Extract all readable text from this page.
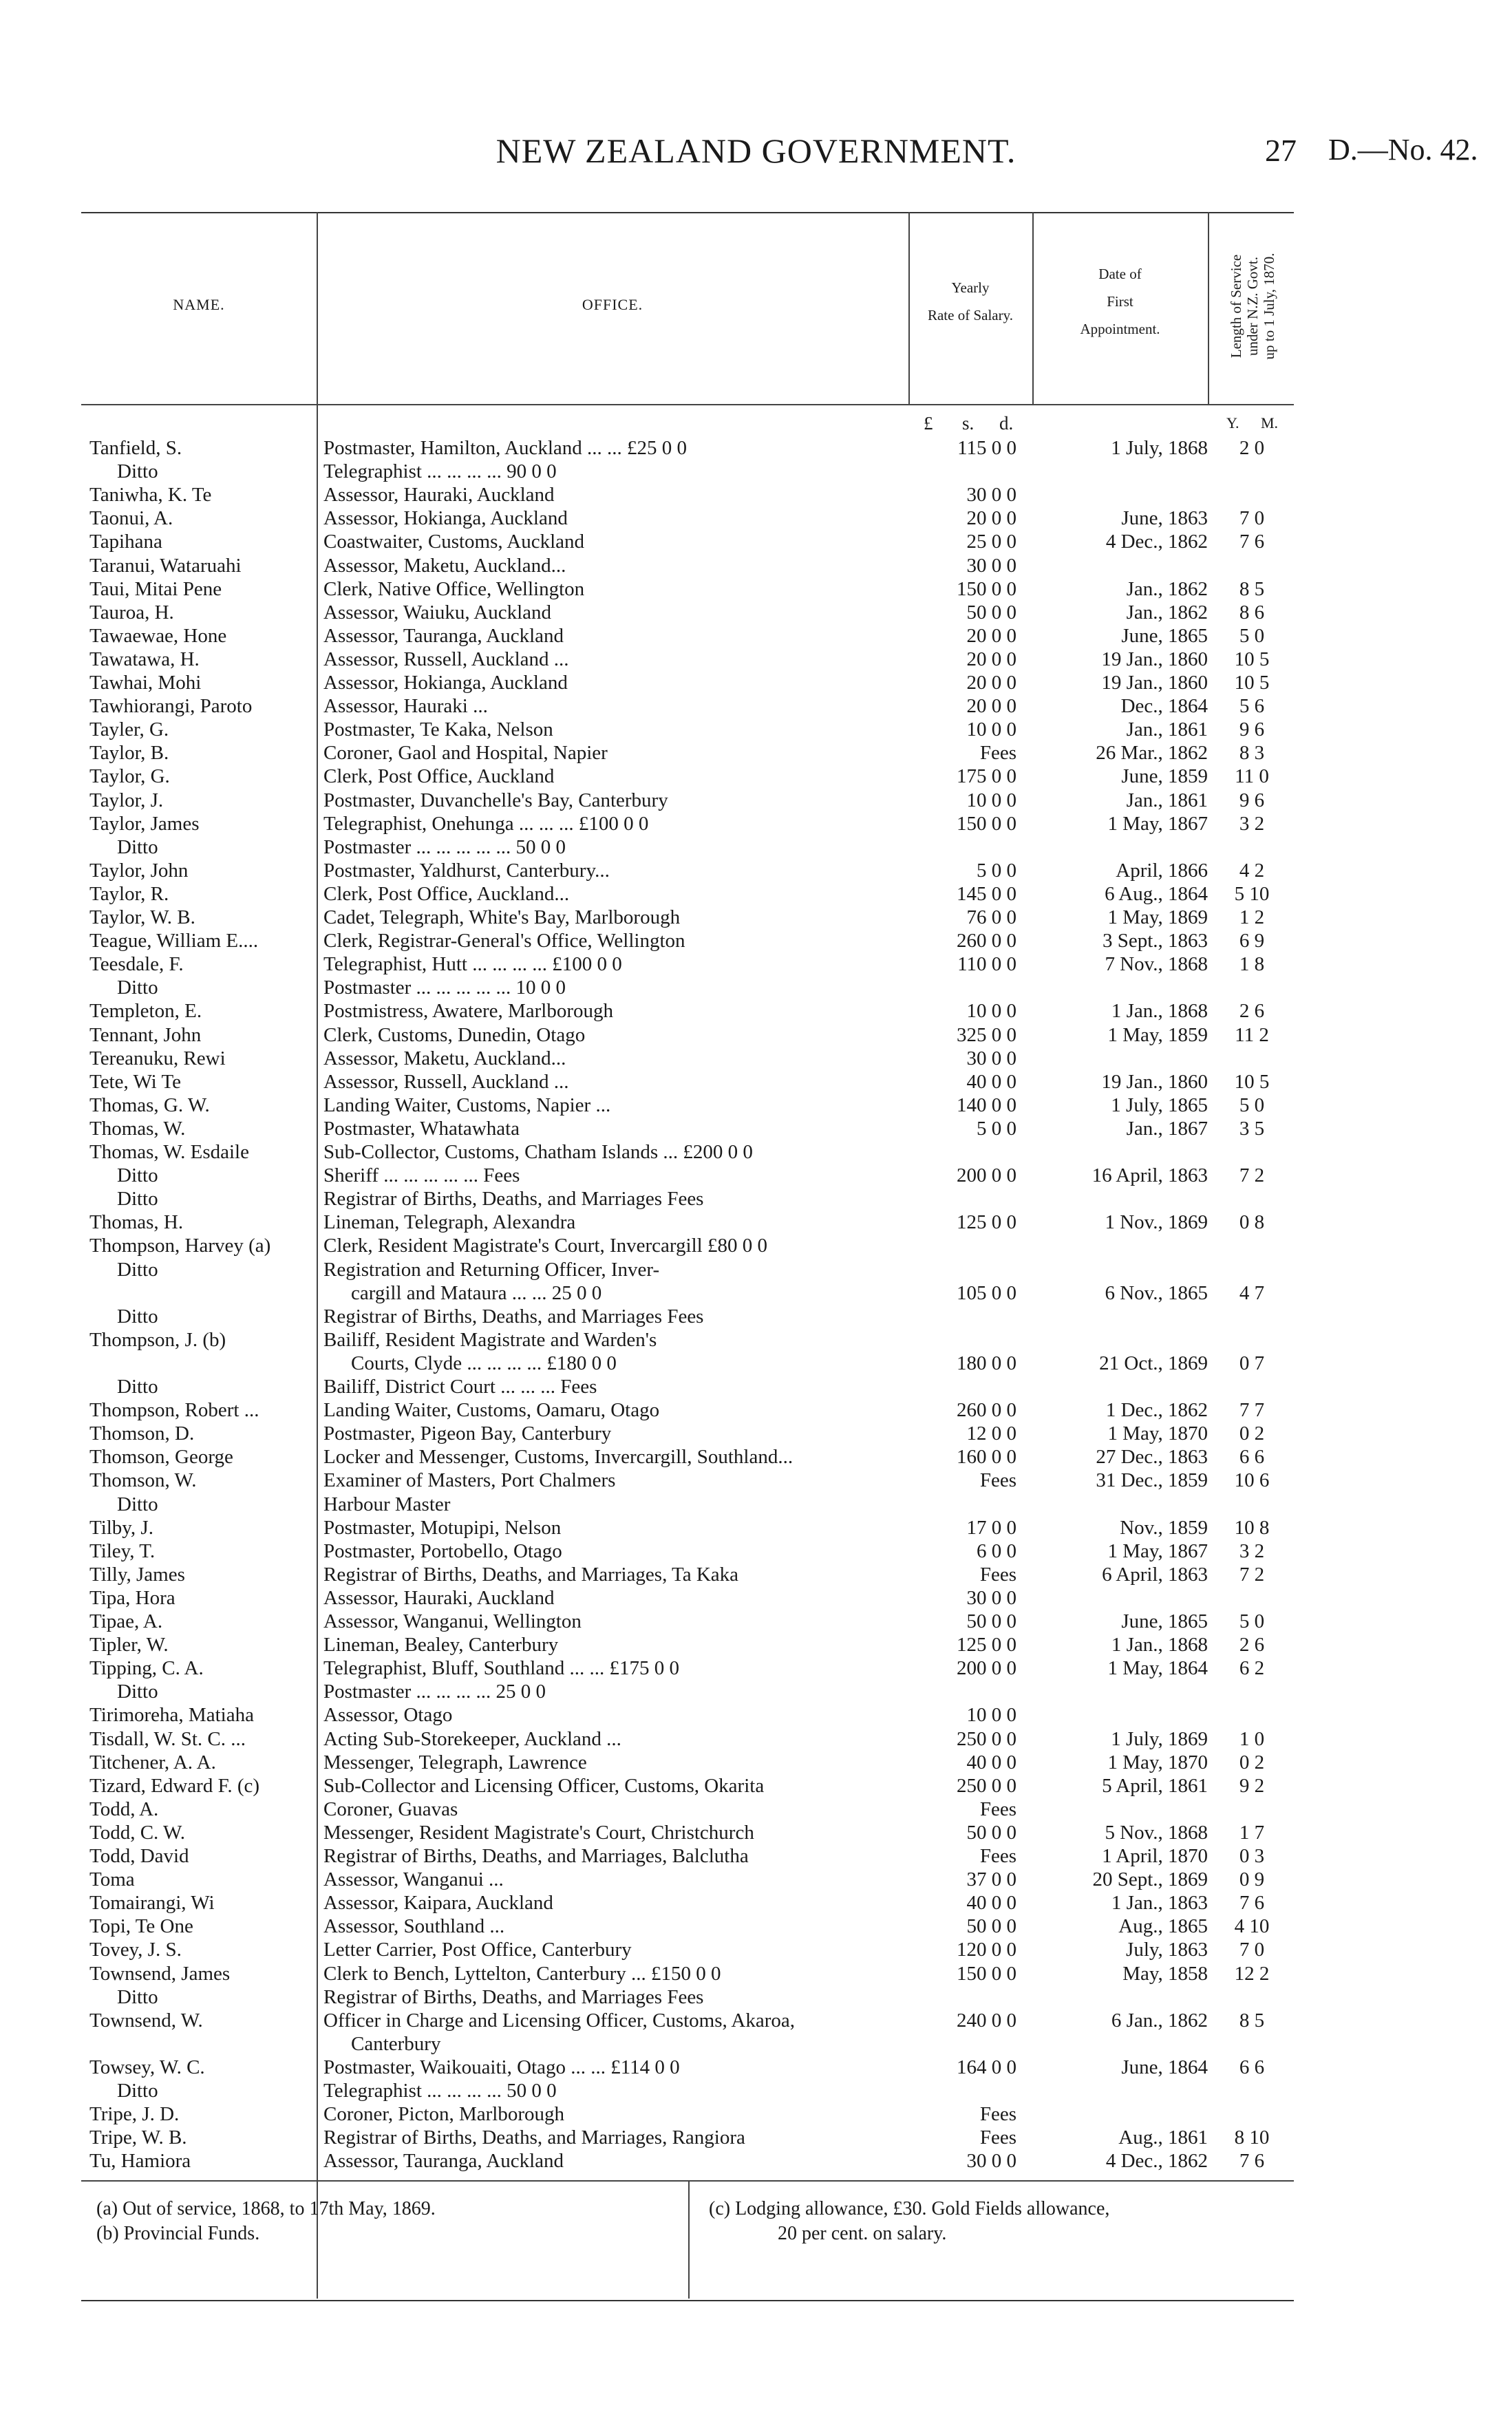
NEW ZEALAND GOVERNMENT.	27 D.—No. 42.
NAME.	OFFICE.
Yearly
Rate of Salary.
Date of
First
Appointment.	Length of Service
under N.Z. Govt.
up to 1 July, 1870.
£ s. d.	Y. M.
Tanfield, S.	Postmaster, Hamilton, Auckland ... ... £25 0 0	115 0 0	1 July, 1868	2 0
Ditto	Telegraphist ... ... ... ... 90 0 0
Taniwha, K. Te	Assessor, Hauraki, Auckland	30 0 0
Taonui, A.	Assessor, Hokianga, Auckland	20 0 0	June, 1863	7 0
Tapihana	Coastwaiter, Customs, Auckland	25 0 0	4 Dec., 1862	7 6
Taranui, Wataruahi	Assessor, Maketu, Auckland...	30 0 0
Taui, Mitai Pene	Clerk, Native Office, Wellington	150 0 0	Jan., 1862	8 5
Tauroa, H.	Assessor, Waiuku, Auckland	50 0 0	Jan., 1862	8 6
Tawaewae, Hone	Assessor, Tauranga, Auckland	20 0 0	June, 1865	5 0
Tawatawa, H.	Assessor, Russell, Auckland ...	20 0 0	19 Jan., 1860	10 5
Tawhai, Mohi	Assessor, Hokianga, Auckland	20 0 0	19 Jan., 1860	10 5
Tawhiorangi, Paroto	Assessor, Hauraki ...	20 0 0	Dec., 1864	5 6
Tayler, G.	Postmaster, Te Kaka, Nelson	10 0 0	Jan., 1861	9 6
Taylor, B.	Coroner, Gaol and Hospital, Napier	Fees	26 Mar., 1862	8 3
Taylor, G.	Clerk, Post Office, Auckland	175 0 0	June, 1859	11 0
Taylor, J.	Postmaster, Duvanchelle's Bay, Canterbury	10 0 0	Jan., 1861	9 6
Taylor, James	Telegraphist, Onehunga ... ... ... £100 0 0	150 0 0	1 May, 1867	3 2
Ditto	Postmaster ... ... ... ... ... 50 0 0
Taylor, John	Postmaster, Yaldhurst, Canterbury...	5 0 0	April, 1866	4 2
Taylor, R.	Clerk, Post Office, Auckland...	145 0 0	6 Aug., 1864	5 10
Taylor, W. B.	Cadet, Telegraph, White's Bay, Marlborough	76 0 0	1 May, 1869	1 2
Teague, William E....	Clerk, Registrar-General's Office, Wellington	260 0 0	3 Sept., 1863	6 9
Teesdale, F.	Telegraphist, Hutt ... ... ... ... £100 0 0	110 0 0	7 Nov., 1868	1 8
Ditto	Postmaster ... ... ... ... ... 10 0 0
Templeton, E.	Postmistress, Awatere, Marlborough	10 0 0	1 Jan., 1868	2 6
Tennant, John	Clerk, Customs, Dunedin, Otago	325 0 0	1 May, 1859	11 2
Tereanuku, Rewi	Assessor, Maketu, Auckland...	30 0 0
Tete, Wi Te	Assessor, Russell, Auckland ...	40 0 0	19 Jan., 1860	10 5
Thomas, G. W.	Landing Waiter, Customs, Napier ...	140 0 0	1 July, 1865	5 0
Thomas, W.	Postmaster, Whatawhata	5 0 0	Jan., 1867	3 5
Thomas, W. Esdaile	Sub-Collector, Customs, Chatham Islands ... £200 0 0
Ditto	Sheriff ... ... ... ... ... Fees	200 0 0	16 April, 1863	7 2
Ditto	Registrar of Births, Deaths, and Marriages Fees
Thomas, H.	Lineman, Telegraph, Alexandra	125 0 0	1 Nov., 1869	0 8
Thompson, Harvey (a)	Clerk, Resident Magistrate's Court, Invercargill £80 0 0
Ditto	Registration and Returning Officer, Inver-
cargill and Mataura ... ... 25 0 0	105 0 0	6 Nov., 1865	4 7
Ditto	Registrar of Births, Deaths, and Marriages Fees
Thompson, J. (b)	Bailiff, Resident Magistrate and Warden's
Courts, Clyde ... ... ... ... £180 0 0	180 0 0	21 Oct., 1869	0 7
Ditto	Bailiff, District Court ... ... ... Fees
Thompson, Robert ...	Landing Waiter, Customs, Oamaru, Otago	260 0 0	1 Dec., 1862	7 7
Thomson, D.	Postmaster, Pigeon Bay, Canterbury	12 0 0	1 May, 1870	0 2
Thomson, George	Locker and Messenger, Customs, Invercargill, Southland...	160 0 0	27 Dec., 1863	6 6
Thomson, W.	Examiner of Masters, Port Chalmers	Fees	31 Dec., 1859	10 6
Ditto	Harbour Master
Tilby, J.	Postmaster, Motupipi, Nelson	17 0 0	Nov., 1859	10 8
Tiley, T.	Postmaster, Portobello, Otago	6 0 0	1 May, 1867	3 2
Tilly, James	Registrar of Births, Deaths, and Marriages, Ta Kaka	Fees	6 April, 1863	7 2
Tipa, Hora	Assessor, Hauraki, Auckland	30 0 0
Tipae, A.	Assessor, Wanganui, Wellington	50 0 0	June, 1865	5 0
Tipler, W.	Lineman, Bealey, Canterbury	125 0 0	1 Jan., 1868	2 6
Tipping, C. A.	Telegraphist, Bluff, Southland ... ... £175 0 0	200 0 0	1 May, 1864	6 2
Ditto	Postmaster ... ... ... ... 25 0 0
Tirimoreha, Matiaha	Assessor, Otago	10 0 0
Tisdall, W. St. C. ...	Acting Sub-Storekeeper, Auckland ...	250 0 0	1 July, 1869	1 0
Titchener, A. A.	Messenger, Telegraph, Lawrence	40 0 0	1 May, 1870	0 2
Tizard, Edward F. (c)	Sub-Collector and Licensing Officer, Customs, Okarita	250 0 0	5 April, 1861	9 2
Todd, A.	Coroner, Guavas	Fees
Todd, C. W.	Messenger, Resident Magistrate's Court, Christchurch	50 0 0	5 Nov., 1868	1 7
Todd, David	Registrar of Births, Deaths, and Marriages, Balclutha	Fees	1 April, 1870	0 3
Toma	Assessor, Wanganui ...	37 0 0	20 Sept., 1869	0 9
Tomairangi, Wi	Assessor, Kaipara, Auckland	40 0 0	1 Jan., 1863	7 6
Topi, Te One	Assessor, Southland ...	50 0 0	Aug., 1865	4 10
Tovey, J. S.	Letter Carrier, Post Office, Canterbury	120 0 0	July, 1863	7 0
Townsend, James	Clerk to Bench, Lyttelton, Canterbury ... £150 0 0	150 0 0	May, 1858	12 2
Ditto	Registrar of Births, Deaths, and Marriages Fees
Townsend, W.	Officer in Charge and Licensing Officer, Customs, Akaroa,	240 0 0	6 Jan., 1862	8 5
Canterbury
Towsey, W. C.	Postmaster, Waikouaiti, Otago ... ... £114 0 0	164 0 0	June, 1864	6 6
Ditto	Telegraphist ... ... ... ... 50 0 0
Tripe, J. D.	Coroner, Picton, Marlborough	Fees
Tripe, W. B.	Registrar of Births, Deaths, and Marriages, Rangiora	Fees	Aug., 1861	8 10
Tu, Hamiora	Assessor, Tauranga, Auckland	30 0 0	4 Dec., 1862	7 6
(a) Out of service, 1868, to 17th May, 1869.
(b) Provincial Funds.
(c) Lodging allowance, £30. Gold Fields allowance,
20 per cent. on salary.
